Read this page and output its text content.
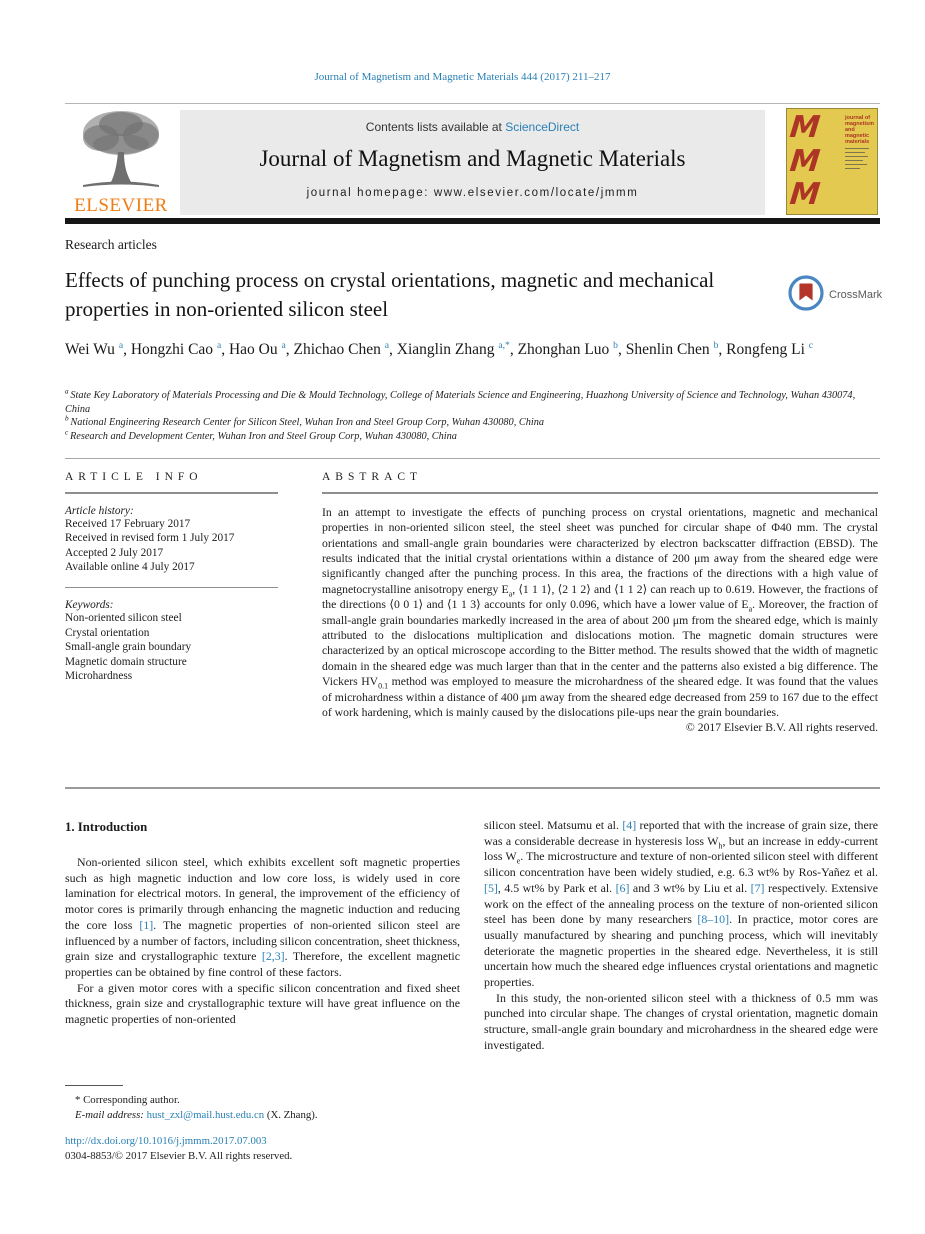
Journal of Magnetism and Magnetic Materials 444 (2017) 211–217
ELSEVIER
Contents lists available at ScienceDirect
Journal of Magnetism and Magnetic Materials
journal homepage: www.elsevier.com/locate/jmmm
M
M
M
journal of magnetism and magnetic materials
Research articles
Effects of punching process on crystal orientations, magnetic and mechanical properties in non-oriented silicon steel
CrossMark
Wei Wu $^a$, Hongzhi Cao $^a$, Hao Ou $^a$, Zhichao Chen $^a$, Xianglin Zhang $^{a,*}$, Zhonghan Luo $^b$, Shenlin Chen $^b$, Rongfeng Li $^c$
$^a$ State Key Laboratory of Materials Processing and Die & Mould Technology, College of Materials Science and Engineering, Huazhong University of Science and Technology, Wuhan 430074, China
$^b$ National Engineering Research Center for Silicon Steel, Wuhan Iron and Steel Group Corp, Wuhan 430080, China
$^c$ Research and Development Center, Wuhan Iron and Steel Group Corp, Wuhan 430080, China
ARTICLE INFO
Article history:
Received 17 February 2017
Received in revised form 1 July 2017
Accepted 2 July 2017
Available online 4 July 2017
Keywords:
Non-oriented silicon steel
Crystal orientation
Small-angle grain boundary
Magnetic domain structure
Microhardness
ABSTRACT
In an attempt to investigate the effects of punching process on crystal orientations, magnetic and mechanical properties in non-oriented silicon steel, the steel sheet was punched for circular shape of Φ40 mm. The crystal orientations and small-angle grain boundaries were characterized by electron backscatter diffraction (EBSD). The results indicated that the initial crystal orientations within a distance of 200 μm away from the sheared edge were significantly changed after the punching process. In this area, the fractions of the directions with a high value of magnetocrystalline anisotropy energy $E_a$, ⟨1 1 1⟩, ⟨2 1 2⟩ and ⟨1 1 2⟩ can reach up to 0.619. However, the fractions of the directions ⟨0 0 1⟩ and ⟨1 1 3⟩ accounts for only 0.096, which have a lower value of $E_a$. Moreover, the fraction of small-angle grain boundaries markedly increased in the area of about 200 μm from the sheared edge, which is mainly attributed to the dislocations multiplication and dislocations motion. The magnetic domain structures were characterized by an optical microscope according to the Bitter method. The results showed that the width of magnetic domain in the sheared edge was much larger than that in the center and the patterns also existed a big difference. The Vickers $HV_{0.1}$ method was employed to measure the microhardness of the sheared edge. It was found that the values of microhardness within a distance of 400 μm away from the sheared edge decreased from 259 to 167 due to the effect of work hardening, which is mainly caused by the dislocations pile-ups near the grain boundaries.
© 2017 Elsevier B.V. All rights reserved.
1. Introduction

Non-oriented silicon steel, which exhibits excellent soft magnetic properties such as high magnetic induction and low core loss, is widely used in core lamination for electrical motors. In general, the improvement of the efficiency of motor cores is primarily through enhancing the magnetic induction and reducing the core loss [1]. The magnetic properties of non-oriented silicon steel are influenced by a number of factors, including silicon concentration, sheet thickness, grain size and crystallographic texture [2,3]. Therefore, the excellent magnetic properties can be obtained by fine control of these factors.

For a given motor cores with a specific silicon concentration and fixed sheet thickness, grain size and crystallographic texture will have great influence on the magnetic properties of non-oriented

silicon steel. Matsumu et al. [4] reported that with the increase of grain size, there was a considerable decrease in hysteresis loss $W_h$, but an increase in eddy-current loss $W_e$. The microstructure and texture of non-oriented silicon steel with different silicon concentration have been widely studied, e.g. 6.3 wt% by Ros-Yañez et al. [5], 4.5 wt% by Park et al. [6] and 3 wt% by Liu et al. [7] respectively. Extensive work on the effect of the annealing process on the texture of non-oriented silicon steel has been done by many researchers [8–10]. In practice, motor cores are usually manufactured by shearing and punching process, which will inevitably deteriorate the magnetic properties in the sheared edge. Nevertheless, it is still uncertain how much the sheared edge influences crystal orientations and magnetic properties.

In this study, the non-oriented silicon steel with a thickness of 0.5 mm was punched into circular shape. The changes of crystal orientation, magnetic domain structure, small-angle grain boundary and microhardness in the sheared edge were investigated.

* Corresponding author.
E-mail address: hust_zxl@mail.hust.edu.cn (X. Zhang).
http://dx.doi.org/10.1016/j.jmmm.2017.07.003
0304-8853/© 2017 Elsevier B.V. All rights reserved.
